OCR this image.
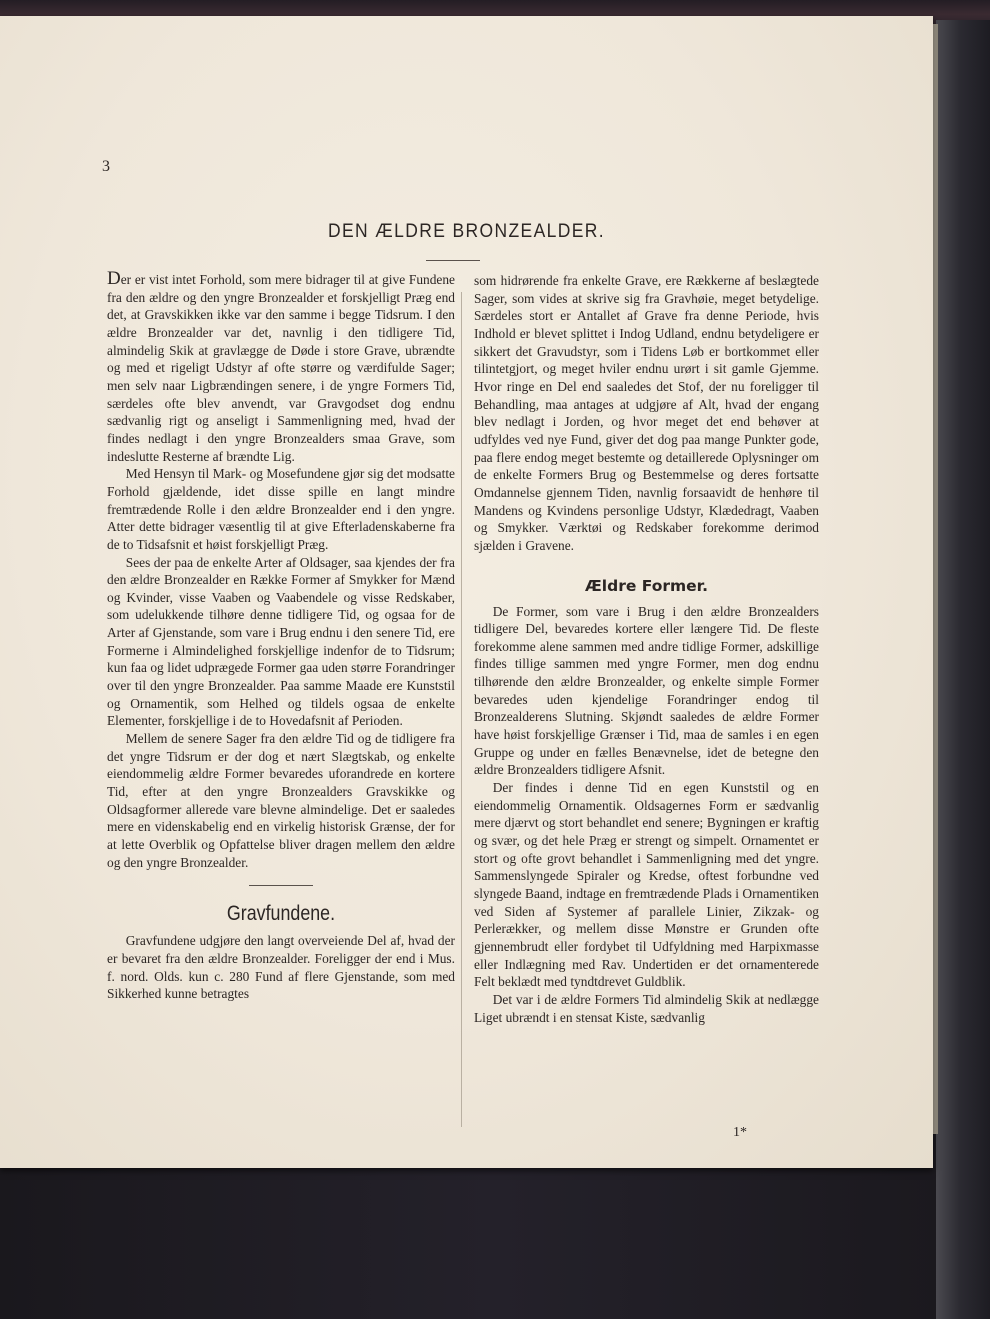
3
DEN ÆLDRE BRONZEALDER.

Der er vist intet Forhold, som mere bidrager til at give Fundene fra den ældre og den yngre Bronzealder et forskjelligt Præg end det, at Gravskikken ikke var den samme i begge Tidsrum. I den ældre Bronzealder var det, navnlig i den tidligere Tid, almindelig Skik at gravlægge de Døde i store Grave, ubrændte og med et rigeligt Udstyr af ofte større og værdifulde Sager; men selv naar Ligbrændingen senere, i de yngre Formers Tid, særdeles ofte blev anvendt, var Gravgodset dog endnu sædvanlig rigt og anseligt i Sammenligning med, hvad der findes nedlagt i den yngre Bronzealders smaa Grave, som indeslutte Resterne af brændte Lig.

Med Hensyn til Mark- og Mosefundene gjør sig det modsatte Forhold gjældende, idet disse spille en langt mindre fremtrædende Rolle i den ældre Bronzealder end i den yngre. Atter dette bidrager væsentlig til at give Efterladenskaberne fra de to Tidsafsnit et høist forskjelligt Præg.

Sees der paa de enkelte Arter af Oldsager, saa kjendes der fra den ældre Bronzealder en Række Former af Smykker for Mænd og Kvinder, visse Vaaben og Vaabendele og visse Redskaber, som udelukkende tilhøre denne tidligere Tid, og ogsaa for de Arter af Gjenstande, som vare i Brug endnu i den senere Tid, ere Formerne i Almindelighed forskjellige indenfor de to Tidsrum; kun faa og lidet udprægede Former gaa uden større Forandringer over til den yngre Bronzealder. Paa samme Maade ere Kunststil og Ornamentik, som Helhed og tildels ogsaa de enkelte Elementer, forskjellige i de to Hovedafsnit af Perioden.

Mellem de senere Sager fra den ældre Tid og de tidligere fra det yngre Tidsrum er der dog et nært Slægtskab, og enkelte eiendommelig ældre Former bevaredes uforandrede en kortere Tid, efter at den yngre Bronzealders Gravskikke og Oldsagformer allerede vare blevne almindelige. Det er saaledes mere en videnskabelig end en virkelig historisk Grænse, der for at lette Overblik og Opfattelse bliver dragen mellem den ældre og den yngre Bronzealder.

Gravfundene.

Gravfundene udgjøre den langt overveiende Del af, hvad der er bevaret fra den ældre Bronzealder. Foreligger der end i Mus. f. nord. Olds. kun c. 280 Fund af flere Gjenstande, som med Sikkerhed kunne betragtes

som hidrørende fra enkelte Grave, ere Rækkerne af beslægtede Sager, som vides at skrive sig fra Gravhøie, meget betydelige. Særdeles stort er Antallet af Grave fra denne Periode, hvis Indhold er blevet splittet i Indog Udland, endnu betydeligere er sikkert det Gravudstyr, som i Tidens Løb er bortkommet eller tilintetgjort, og meget hviler endnu urørt i sit gamle Gjemme. Hvor ringe en Del end saaledes det Stof, der nu foreligger til Behandling, maa antages at udgjøre af Alt, hvad der engang blev nedlagt i Jorden, og hvor meget det end behøver at udfyldes ved nye Fund, giver det dog paa mange Punkter gode, paa flere endog meget bestemte og detaillerede Oplysninger om de enkelte Formers Brug og Bestemmelse og deres fortsatte Omdannelse gjennem Tiden, navnlig forsaavidt de henhøre til Mandens og Kvindens personlige Udstyr, Klædedragt, Vaaben og Smykker. Værktøi og Redskaber forekomme derimod sjælden i Gravene.

Ældre Former.

De Former, som vare i Brug i den ældre Bronzealders tidligere Del, bevaredes kortere eller længere Tid. De fleste forekomme alene sammen med andre tidlige Former, adskillige findes tillige sammen med yngre Former, men dog endnu tilhørende den ældre Bronzealder, og enkelte simple Former bevaredes uden kjendelige Forandringer endog til Bronzealderens Slutning. Skjøndt saaledes de ældre Former have høist forskjellige Grænser i Tid, maa de samles i en egen Gruppe og under en fælles Benævnelse, idet de betegne den ældre Bronzealders tidligere Afsnit.

Der findes i denne Tid en egen Kunststil og en eiendommelig Ornamentik. Oldsagernes Form er sædvanlig mere djærvt og stort behandlet end senere; Bygningen er kraftig og svær, og det hele Præg er strengt og simpelt. Ornamentet er stort og ofte grovt behandlet i Sammenligning med det yngre. Sammenslyngede Spiraler og Kredse, oftest forbundne ved slyngede Baand, indtage en fremtrædende Plads i Ornamentiken ved Siden af Systemer af parallele Linier, Zikzak- og Perlerækker, og mellem disse Mønstre er Grunden ofte gjennembrudt eller fordybet til Udfyldning med Harpixmasse eller Indlægning med Rav. Undertiden er det ornamenterede Felt beklædt med tyndtdrevet Guldblik.

Det var i de ældre Formers Tid almindelig Skik at nedlægge Liget ubrændt i en stensat Kiste, sædvanlig

1*
